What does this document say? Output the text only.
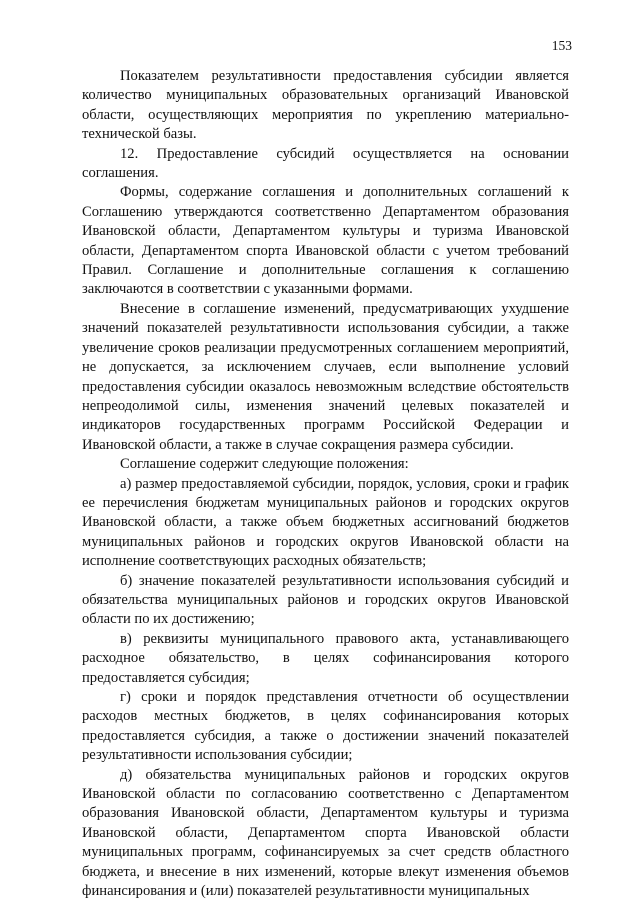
153

Показателем результативности предоставления субсидии является количество муниципальных образовательных организаций Ивановской области, осуществляющих мероприятия по укреплению материально-технической базы.

12. Предоставление субсидий осуществляется на основании соглашения.

Формы, содержание соглашения и дополнительных соглашений к Соглашению утверждаются соответственно Департаментом образования Ивановской области, Департаментом культуры и туризма Ивановской области, Департаментом спорта Ивановской области с учетом требований Правил. Соглашение и дополнительные соглашения к соглашению заключаются в соответствии с указанными формами.

Внесение в соглашение изменений, предусматривающих ухудшение значений показателей результативности использования субсидии, а также увеличение сроков реализации предусмотренных соглашением мероприятий, не допускается, за исключением случаев, если выполнение условий предоставления субсидии оказалось невозможным вследствие обстоятельств непреодолимой силы, изменения значений целевых показателей и индикаторов государственных программ Российской Федерации и Ивановской области, а также в случае сокращения размера субсидии.

Соглашение содержит следующие положения:

а) размер предоставляемой субсидии, порядок, условия, сроки и график ее перечисления бюджетам муниципальных районов и городских округов Ивановской области, а также объем бюджетных ассигнований бюджетов муниципальных районов и городских округов Ивановской области на исполнение соответствующих расходных обязательств;

б) значение показателей результативности использования субсидий и обязательства муниципальных районов и городских округов Ивановской области по их достижению;

в) реквизиты муниципального правового акта, устанавливающего расходное обязательство, в целях софинансирования которого предоставляется субсидия;

г) сроки и порядок представления отчетности об осуществлении расходов местных бюджетов, в целях софинансирования которых предоставляется субсидия, а также о достижении значений показателей результативности использования субсидии;

д) обязательства муниципальных районов и городских округов Ивановской области по согласованию соответственно с Департаментом образования Ивановской области, Департаментом культуры и туризма Ивановской области, Департаментом спорта Ивановской области муниципальных программ, софинансируемых за счет средств областного бюджета, и внесение в них изменений, которые влекут изменения объемов финансирования и (или) показателей результативности муниципальных
